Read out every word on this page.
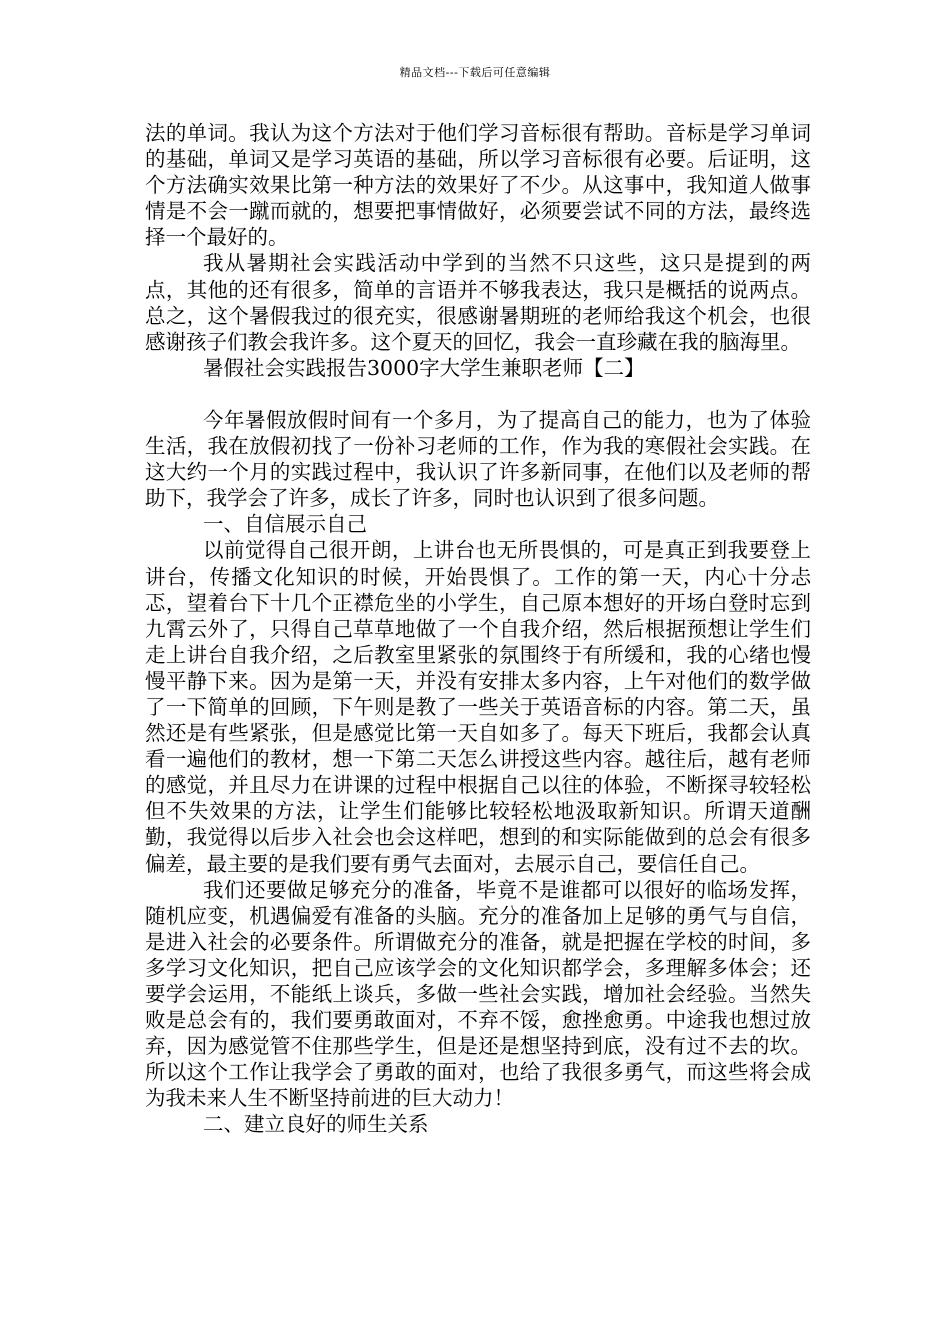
精品文档---下载后可任意编辑

法的单词。我认为这个方法对于他们学习音标很有帮助。音标是学习单词的基础，单词又是学习英语的基础，所以学习音标很有必要。后证明，这个方法确实效果比第一种方法的效果好了不少。从这事中，我知道人做事情是不会一蹴而就的，想要把事情做好，必须要尝试不同的方法，最终选择一个最好的。

我从暑期社会实践活动中学到的当然不只这些，这只是提到的两点，其他的还有很多，简单的言语并不够我表达，我只是概括的说两点。总之，这个暑假我过的很充实，很感谢暑期班的老师给我这个机会，也很感谢孩子们教会我许多。这个夏天的回忆，我会一直珍藏在我的脑海里。

暑假社会实践报告3000字大学生兼职老师【二】

今年暑假放假时间有一个多月，为了提高自己的能力，也为了体验生活，我在放假初找了一份补习老师的工作，作为我的寒假社会实践。在这大约一个月的实践过程中，我认识了许多新同事，在他们以及老师的帮助下，我学会了许多，成长了许多，同时也认识到了很多问题。

一、自信展示自己

以前觉得自己很开朗，上讲台也无所畏惧的，可是真正到我要登上讲台，传播文化知识的时候，开始畏惧了。工作的第一天，内心十分忐忑，望着台下十几个正襟危坐的小学生，自己原本想好的开场白登时忘到九霄云外了，只得自己草草地做了一个自我介绍，然后根据预想让学生们走上讲台自我介绍，之后教室里紧张的氛围终于有所缓和，我的心绪也慢慢平静下来。因为是第一天，并没有安排太多内容，上午对他们的数学做了一下简单的回顾，下午则是教了一些关于英语音标的内容。第二天，虽然还是有些紧张，但是感觉比第一天自如多了。每天下班后，我都会认真看一遍他们的教材，想一下第二天怎么讲授这些内容。越往后，越有老师的感觉，并且尽力在讲课的过程中根据自己以往的体验，不断探寻较轻松但不失效果的方法，让学生们能够比较轻松地汲取新知识。所谓天道酬勤，我觉得以后步入社会也会这样吧，想到的和实际能做到的总会有很多偏差，最主要的是我们要有勇气去面对，去展示自己，要信任自己。

我们还要做足够充分的准备，毕竟不是谁都可以很好的临场发挥，随机应变，机遇偏爱有准备的头脑。充分的准备加上足够的勇气与自信，是进入社会的必要条件。所谓做充分的准备，就是把握在学校的时间，多多学习文化知识，把自己应该学会的文化知识都学会，多理解多体会；还要学会运用，不能纸上谈兵，多做一些社会实践，增加社会经验。当然失败是总会有的，我们要勇敢面对，不弃不馁，愈挫愈勇。中途我也想过放弃，因为感觉管不住那些学生，但是还是想坚持到底，没有过不去的坎。所以这个工作让我学会了勇敢的面对，也给了我很多勇气，而这些将会成为我未来人生不断坚持前进的巨大动力！

二、建立良好的师生关系
